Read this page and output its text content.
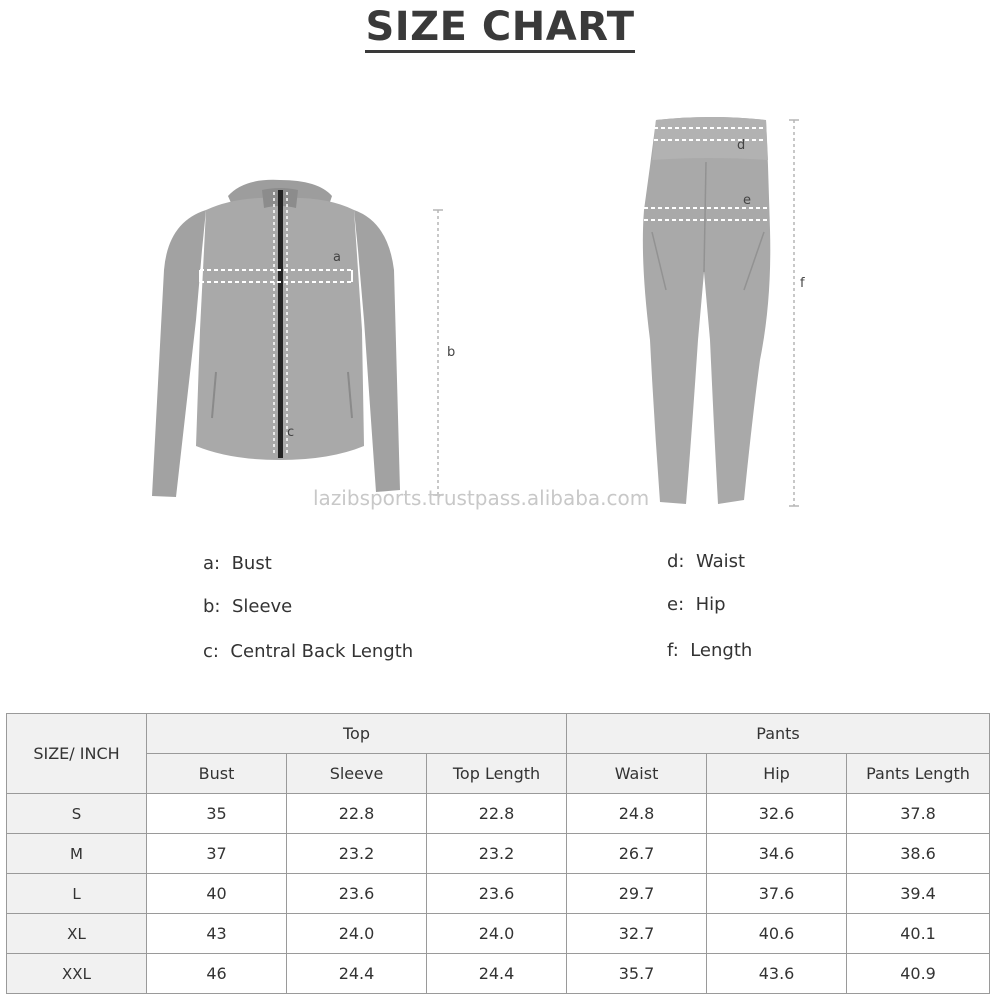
SIZE CHART
a
b
c
d
e
f
lazibsports.trustpass.alibaba.com
a: Bust
b: Sleeve
c: Central Back Length
d: Waist
e: Hip
f: Length
SIZE/ INCH	Top			Pants		
	Bust	Sleeve	Top Length	Waist	Hip	Pants Length
S	35	22.8	22.8	24.8	32.6	37.8
M	37	23.2	23.2	26.7	34.6	38.6
L	40	23.6	23.6	29.7	37.6	39.4
XL	43	24.0	24.0	32.7	40.6	40.1
XXL	46	24.4	24.4	35.7	43.6	40.9
